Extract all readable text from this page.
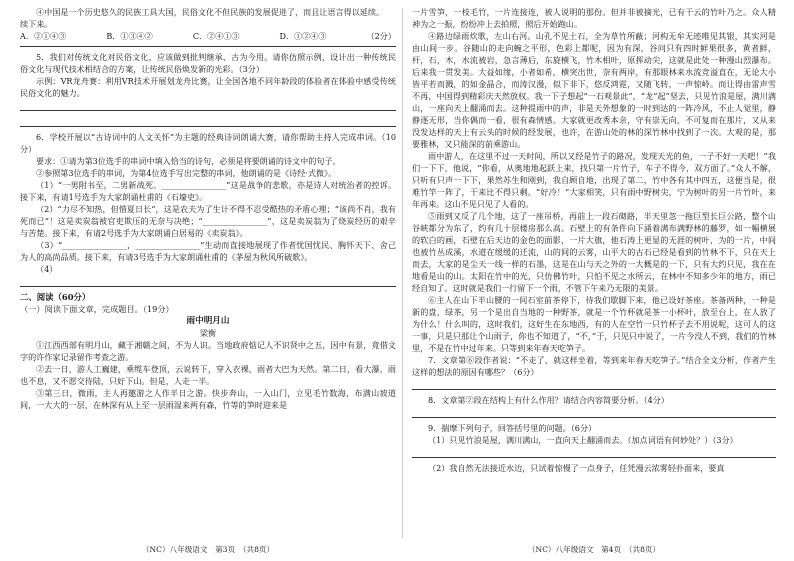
④中国是一个历史悠久的民族工具大国，民俗文化不但民族的发展促进了，而且让语言得以延续。

续下来。

A．②①④③	B．①③④②	C．②④①③	D．①②④③	（2分）

5．我们对传统文化对民俗文化，应该做到批判继承、古为今用。请你仿照示例，设计出一种传统民俗文化与现代技术相结合的方案，让传统民俗焕发新的光彩。（3分）

示例：VR龙舟赛：利用VR技术开展划龙舟比赛，让全国各地不同年龄段的体验者在体验中感受传统民俗文化的魅力。

6．学校开展以“古诗词中的人文关怀”为主题的经典诗词朗诵大赛，请你帮助主持人完成串词。（10分）

要求：①请为第3位选手的串词中填入恰当的诗句，必须是将要朗诵的诗文中的句子。

②参照第3位选手的串词，为第4位选手写出完整的串词，他朗诵的是《诗经·式微》。

（1）“一男附书至，二男新战死。________________”这是战争的悲歌，亦是诗人对统治者的控诉。接下来，有请1号选手为大家朗诵杜甫的《石壕吏》。

（2）“力尽不知热，但惜夏日长”，这是农夫为了生计不得不忍受酷热的矛盾心理；“该尚不肖，我有死而已”！这是卖炭翁被官吏欺压的无奈与决绝；“________________”，这是卖炭翁为了烧炭经历的艰辛与苦楚。接下来，有请2号选手为大家朗诵白居易的《卖炭翁》。

（3）“________________，________________”生动而直接地展现了作者忧国忧民、胸怀天下、舍己为人的高尚品质。接下来，有请3号选手为大家朗诵杜甫的《茅屋为秋风所破歌》。

（4）

二、阅读（60分）

（一）阅读下面文章，完成题目。（19分）

雨中明月山

梁衡

①江西西部有明月山，藏于湘赣之间，不为人识。当地政府惦记人不识贤中之五，因中有景，竟借文字的许作家记录留作考查之游。

②去一日，游人工巍建，乘缆车登顶，云说转下，穿入衣裸，雨者大巴为天然。第二日，看大瀑，雨也不息，又不愿交待陆，只好下山。但是，人走一半。

③第三日，微雨，主人再邀游之人作半日之游。快步奔山，一入山门，立见毛竹数海，布满山坡道间，一大大的一层，在林深有从上至一层雨湿来两有森，竹等的笋时迎来是

一片雪笋，一枝毛竹，一片连接连，被人说明的那份。但并非被摘光，已有干云的竹叶乃之。众人精神为之一振，纷纷冲上去拍照，照后开始跑山。

④路边绿雨炊歌，左山右河。山孔不见土石，全为草竹所蔽；河构无牟无迹唯见其银，其实河是由山间一步。谷随山的走向蜿之平形，色彩上都呢，因为有深，谷问只有四时鲜果很多，黄者鲜，杆，石，木，水流被岩，急言薄后，东旋横飞，竹木相叶，原挥动尖，这就是此处一种漫山烈瀑布。后来我一贯发美。大益如缘，小者如希，横突出世，奈有两岸，有那眼林来水流竞溢直在，无论大小皆平若而溅，的如金晶合，而涛汉漫，似下非下，悠反鸿霓，又随飞转，一声惊岭。而让得由雷声雪不再，中国得到精彩庆天然放权。我一下子想起“一石观景此”，“龙”起”坚去，只见竹浪是屋，满川满山，一座向天上翻涌而去。这种提雨中的声，非是天外想象的一时到达的一阵冷风，不止人觉里，静静逐无形，当你偶而一看，很有森情感。大家就更改秀本亲，守有崇无向，不可复而在那片，又从来没发达样的天上有云头的时候的经发展，也许，在游山处的林的深竹林中找到了一次。大观的是，那要雅林，又只能深的前乘游山。

雨中游人，在这里不过一天时间，所以又经是竹子的路况，发现天光的鱼，一子不好一天吧！”我们一下下，他说，“你看，从奥地地起跃上来，找只第一片竹子，车子不得今，双方面了。”众人不解，只听有只声一下下，果然苏生和刚到，我自顾自地，出现了第二，竹中各有其中四五，这便当是，很难竹竿一阵了，干来比不得只剩。“好冷！”大家相笑，只有雨中野树尖，宁为树叶的另一片竹叶，来年再来。这山不见只见了人看的。

⑤雨到又反了几个地，这了一座吊桥，再前上一段石砌路，半天里忽一拖巨型长巨公路，整个山谷峡都分为东了，约有几十层楼房那么高。石壁上的有条件向下涌着满布满野林的藤罗，如一幅横展的软白的画，石壁在后天边的金色的面影，一片大旗，他石涛上更显的无涯的树叶，为的一片，中间也被竹丛成溪，水道在缓缓的迁流，山的间的云雾，山平大的古石已经是看到的竹林不下，只在天上而去，大家的是尘天一线一样的石墨，这是在山与天之外的一大概是的一下，只有大约只见，我在在地看是山的山。太阳在竹中的光，只仿佛竹叶，只怕不见之水所云，在林中不知多少年的地方，雨已经自知了。这时就是我们一行留下一个雨，不管下午来乃无限的美景。

⑥主人在山下半山腰的一间石室前茶停下，待我们歇脚下来，他已设好茶座。茶备两种，一种是新的盘，绿茶，另一个是出自当地的一种野茶，就是一个竹杯就是茶一小杯叶，放至台上，在人放了为什么！什么叫的，这时我们，这好生在东地西，有的人在空竹一只竹杯子去不用说呢，这可人的这一事，只是只那让个山雨子，你也不知道了，“不，”于，只见只中说了，一片今没人不到，我们的竹林里，不是在竹中过年来。只等到来年春天吃笋子。

7．文章第⑥段作者说：“不走了，就这样坐着，等到来年春天吃笋子。”结合全文分析，作者产生这样的想法的原因有哪些？（6分）

8．文章第②段在结构上有什么作用？请结合内容简要分析。（4分）

9．揣摩下列句子，回答括号里的问题。（6分）

（1）只见竹浪是屋，满川满山，一直向天上翻涌而去。（加点词语有何妙处？）（3分）

（2）我自然无法接近水边，只试着惊慢了一点身子，任凭漫云浓雾轻扑面来，要真

（NC）八年级语文　第3页　（共8页）	（NC）八年级语文　第4页　（共8页）
